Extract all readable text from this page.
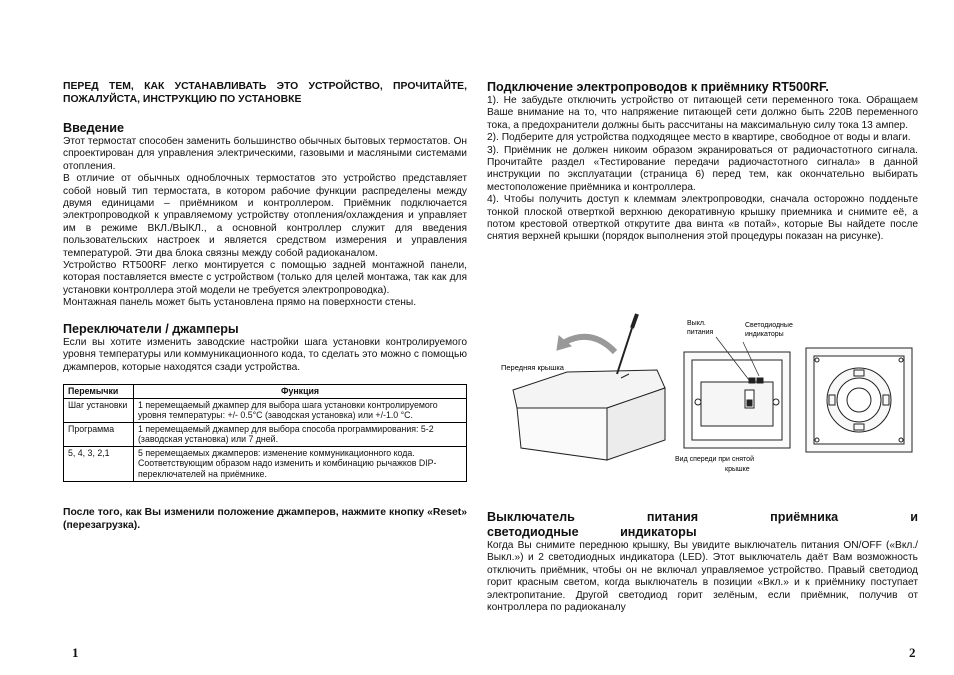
ПЕРЕД ТЕМ, КАК УСТАНАВЛИВАТЬ ЭТО УСТРОЙСТВО, ПРОЧИТАЙТЕ, ПОЖАЛУЙСТА, ИНСТРУКЦИЮ ПО УСТАНОВКЕ

Введение

Этот термостат способен заменить большинство обычных бытовых термостатов. Он спроектирован для управления электрическими, газовыми и масляными системами отопления.

В отличие от обычных одноблочных термостатов это устройство представляет собой новый тип термостата, в котором рабочие функции распределены между двумя единицами – приёмником и контроллером. Приёмник подключается электропроводкой к управляемому устройству отопления/охлаждения и управляет им в режиме ВКЛ./ВЫКЛ., а основной контроллер служит для введения пользовательских настроек и является средством измерения и управления температурой. Эти два блока связны между собой радиоканалом.

Устройство RT500RF легко монтируется с помощью задней монтажной панели, которая поставляется вместе с устройством (только для целей монтажа, так как для установки контроллера этой модели не требуется электропроводка).

Монтажная панель может быть установлена прямо на поверхности стены.

Переключатели / джамперы

Если вы хотите изменить заводские настройки шага установки контролируемого уровня температуры или коммуникационного кода, то сделать это можно с помощью джамперов, которые находятся сзади устройства.

Перемычки	Функция
Шаг установки	1 перемещаемый джампер для выбора шага установки контролируемого уровня температуры: +/- 0.5°C (заводская установка) или +/-1.0 °C.
Программа	1 перемещаемый джампер для выбора способа программирования: 5-2 (заводская установка) или 7 дней.
5, 4, 3, 2,1	5 перемещаемых джамперов: изменение коммуникационного кода. Соответствующим образом надо изменить и комбинацию рычажков DIP-переключателей на приёмнике.

После того, как Вы изменили положение джамперов, нажмите кнопку «Reset» (перезагрузка).

1
Подключение электропроводов к приёмнику RT500RF.

1). Не забудьте отключить устройство от питающей сети переменного тока. Обращаем Ваше внимание на то, что напряжение питающей сети должно быть 220В переменного тока, а предохранители должны быть рассчитаны на максимальную силу тока 13 ампер.

2). Подберите для устройства подходящее место в квартире, свободное от воды и влаги.

3). Приёмник не должен никоим образом экранироваться от радиочастотного сигнала. Прочитайте раздел «Тестирование передачи радиочастотного сигнала» в данной инструкции по эксплуатации (страница 6) перед тем, как окончательно выбирать местоположение приёмника и контроллера.

4). Чтобы получить доступ к клеммам электропроводки, сначала осторожно подденьте тонкой плоской отверткой верхнюю декоративную крышку приемника и снимите её, а потом крестовой отверткой открутите два винта «в потай», которые Вы найдете после снятия верхней крышки (порядок выполнения этой процедуры показан на рисунке).

Передняя крышка
Выкл.
питания
Светодиодные
индикаторы
Вид спереди при снятой
крышке
Выключатель питания приёмника и светодиодные индикаторы

Когда Вы снимите переднюю крышку, Вы увидите выключатель питания ON/OFF («Вкл./Выкл.») и 2 светодиодных индикатора (LED). Этот выключатель даёт Вам возможность отключить приёмник, чтобы он не включал управляемое устройство. Правый светодиод горит красным светом, когда выключатель в позиции «Вкл.» и к приёмнику поступает электропитание. Другой светодиод горит зелёным, если приёмник, получив от контроллера по радиоканалу

2
